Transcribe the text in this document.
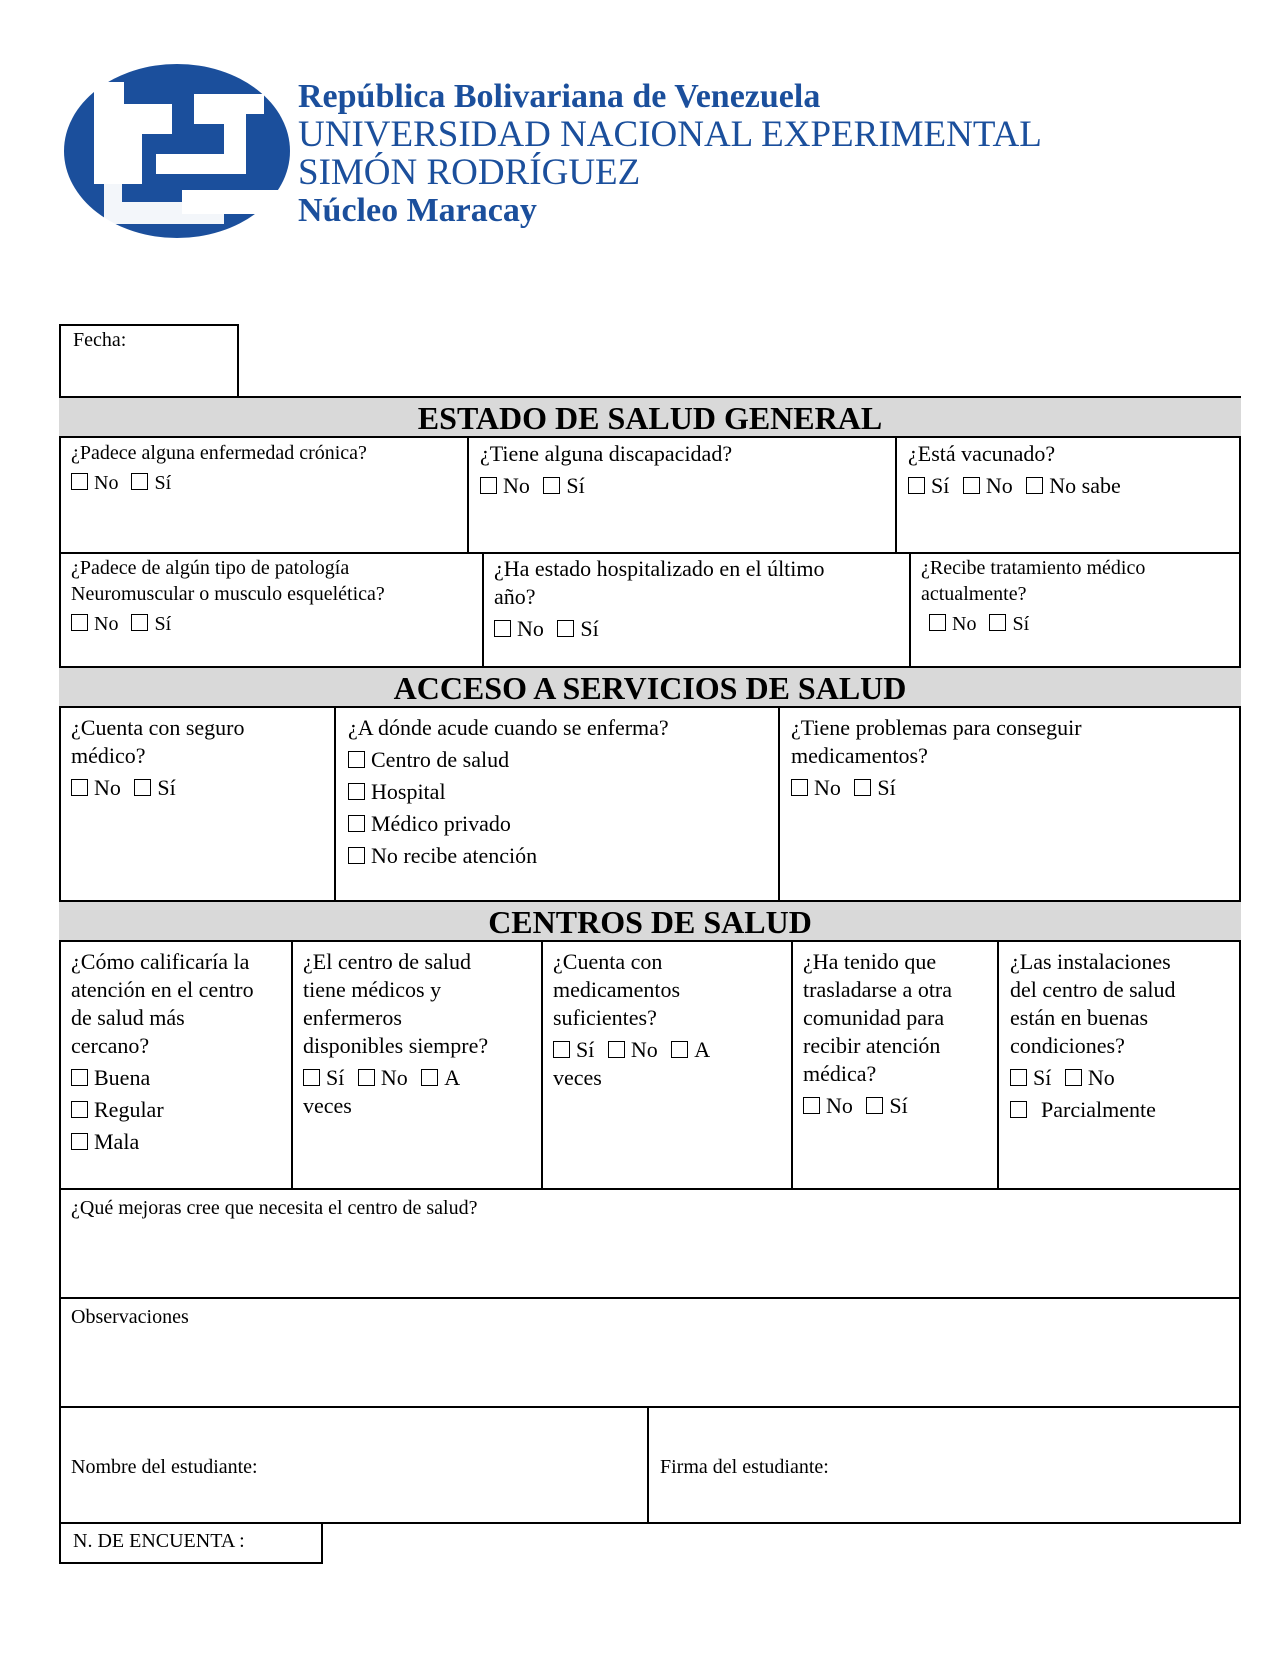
República Bolivariana de Venezuela
UNIVERSIDAD NACIONAL EXPERIMENTAL
SIMÓN RODRÍGUEZ
Núcleo Maracay
Fecha:
ESTADO DE SALUD GENERAL
ACCESO A SERVICIOS DE SALUD
CENTROS DE SALUD

¿Padece alguna enfermedad crónica?

No Sí

¿Tiene alguna discapacidad?

No Sí

¿Está vacunado?

Sí No No sabe

¿Padece de algún tipo de patología

Neuromuscular o musculo esquelética?

No Sí

¿Ha estado hospitalizado en el último

año?

No Sí

¿Recibe tratamiento médico

actualmente?

No Sí

¿Cuenta con seguro

médico?

No Sí

¿A dónde acude cuando se enferma?

Centro de salud
Hospital
Médico privado
No recibe atención

¿Tiene problemas para conseguir

medicamentos?

No Sí

¿Cómo calificaría la

atención en el centro

de salud más

cercano?

Buena
Regular
Mala

¿El centro de salud

tiene médicos y

enfermeros

disponibles siempre?

Sí No A

veces

¿Cuenta con

medicamentos

suficientes?

Sí No A

veces

¿Ha tenido que

trasladarse a otra

comunidad para

recibir atención

médica?

No Sí

¿Las instalaciones

del centro de salud

están en buenas

condiciones?

Sí No
Parcialmente

¿Qué mejoras cree que necesita el centro de salud?

Observaciones

Nombre del estudiante:	Firma del estudiante:

N. DE ENCUENTA :
